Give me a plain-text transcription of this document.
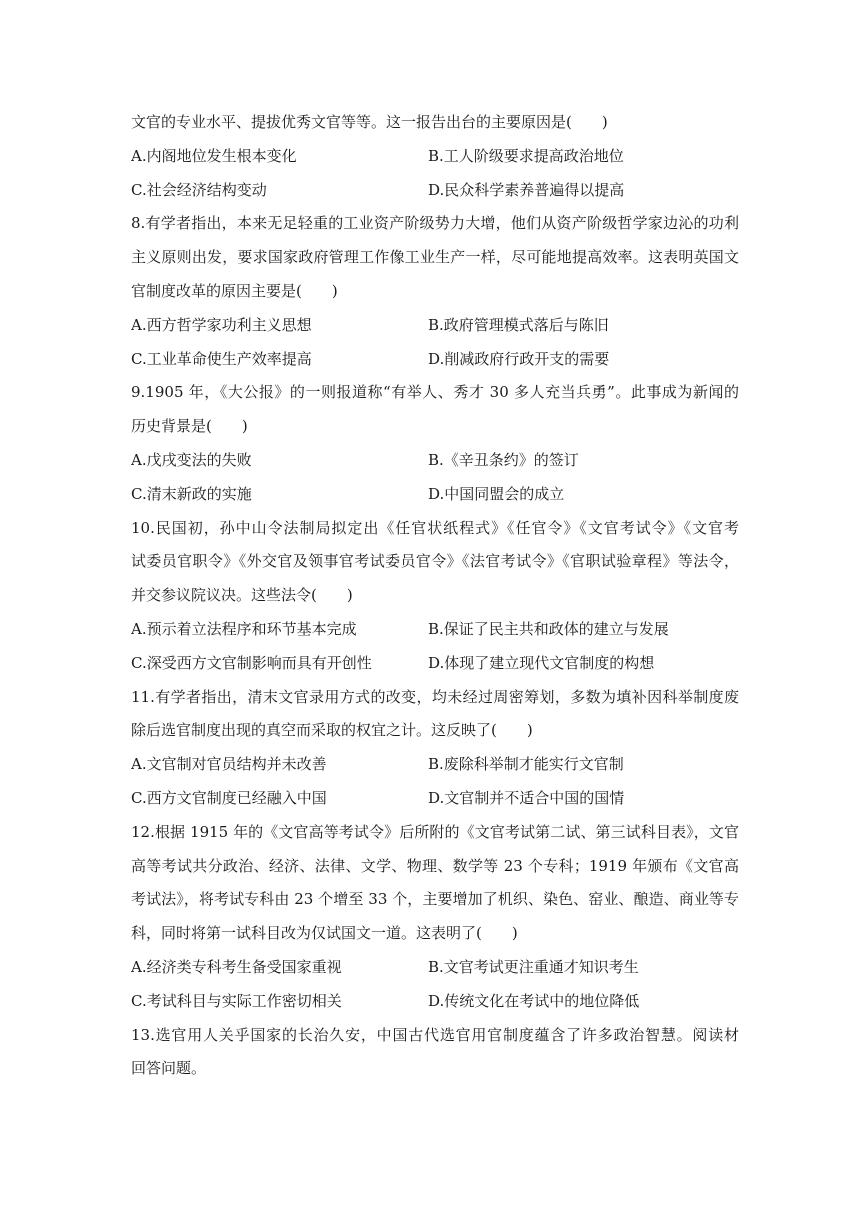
文官的专业水平、提拔优秀文官等等。这一报告出台的主要原因是(　　)
A.内阁地位发生根本变化	B.工人阶级要求提高政治地位
C.社会经济结构变动	D.民众科学素养普遍得以提高
8.有学者指出，本来无足轻重的工业资产阶级势力大增，他们从资产阶级哲学家边沁的功利
主义原则出发，要求国家政府管理工作像工业生产一样，尽可能地提高效率。这表明英国文
官制度改革的原因主要是(　　)
A.西方哲学家功利主义思想	B.政府管理模式落后与陈旧
C.工业革命使生产效率提高	D.削减政府行政开支的需要
9.1905 年，《大公报》的一则报道称“有举人、秀才 30 多人充当兵勇”。此事成为新闻的
历史背景是(　　)
A.戊戌变法的失败	B.《辛丑条约》的签订
C.清末新政的实施	D.中国同盟会的成立
10.民国初，孙中山令法制局拟定出《任官状纸程式》《任官令》《文官考试令》《文官考
试委员官职令》《外交官及领事官考试委员官令》《法官考试令》《官职试验章程》等法令，
并交参议院议决。这些法令(　　)
A.预示着立法程序和环节基本完成	B.保证了民主共和政体的建立与发展
C.深受西方文官制影响而具有开创性	D.体现了建立现代文官制度的构想
11.有学者指出，清末文官录用方式的改变，均未经过周密筹划，多数为填补因科举制度废
除后选官制度出现的真空而采取的权宜之计。这反映了(　　)
A.文官制对官员结构并未改善	B.废除科举制才能实行文官制
C.西方文官制度已经融入中国	D.文官制并不适合中国的国情
12.根据 1915 年的《文官高等考试令》后所附的《文官考试第二试、第三试科目表》，文官
高等考试共分政治、经济、法律、文学、物理、数学等 23 个专科；1919 年颁布《文官高
考试法》，将考试专科由 23 个增至 33 个，主要增加了机织、染色、窑业、酿造、商业等专
科，同时将第一试科目改为仅试国文一道。这表明了(　　)
A.经济类专科考生备受国家重视	B.文官考试更注重通才知识考生
C.考试科目与实际工作密切相关	D.传统文化在考试中的地位降低
13.选官用人关乎国家的长治久安，中国古代选官用官制度蕴含了许多政治智慧。阅读材
回答问题。
